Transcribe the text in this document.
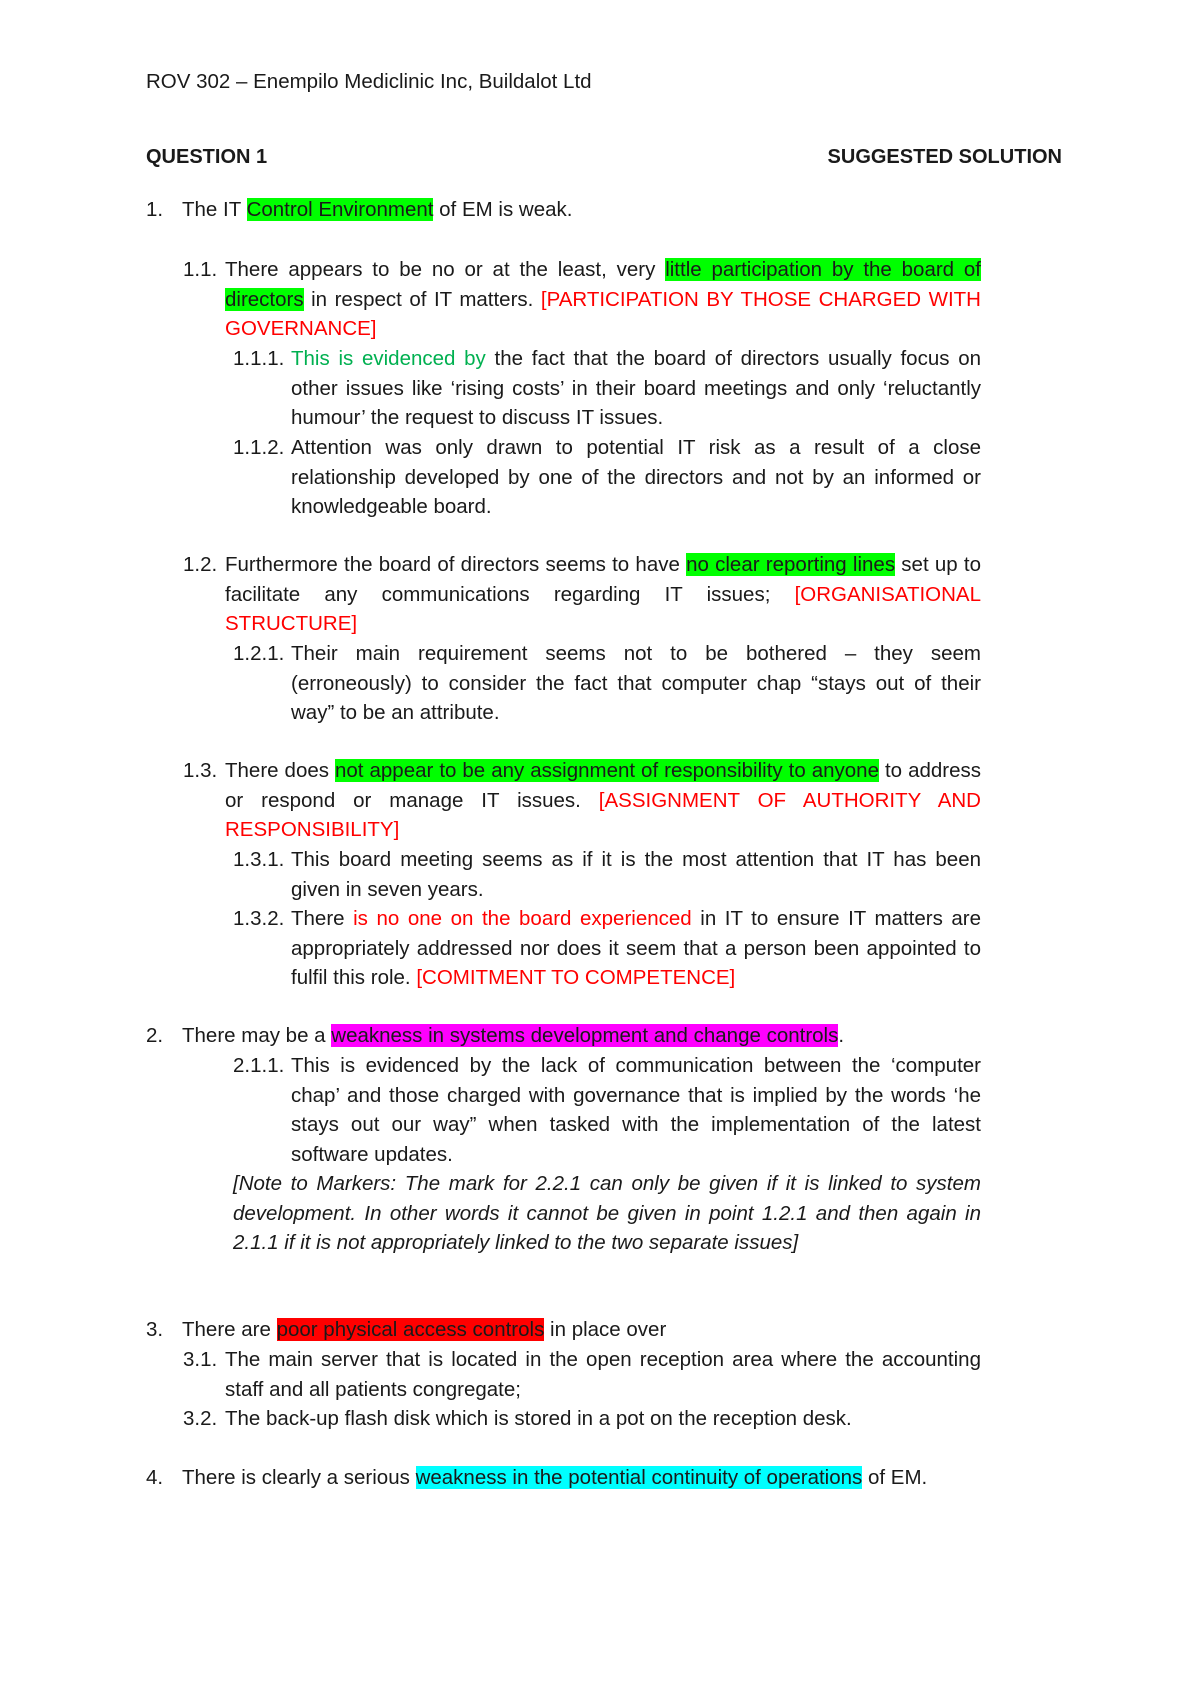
ROV 302 – Enempilo Mediclinic Inc, Buildalot Ltd
QUESTION 1	SUGGESTED SOLUTION
1. The IT Control Environment of EM is weak.
1.1. There appears to be no or at the least, very little participation by the board of directors in respect of IT matters. [PARTICIPATION BY THOSE CHARGED WITH GOVERNANCE]
1.1.1. This is evidenced by the fact that the board of directors usually focus on other issues like ‘rising costs’ in their board meetings and only ‘reluctantly humour’ the request to discuss IT issues.
1.1.2. Attention was only drawn to potential IT risk as a result of a close relationship developed by one of the directors and not by an informed or knowledgeable board.
1.2. Furthermore the board of directors seems to have no clear reporting lines set up to facilitate any communications regarding IT issues; [ORGANISATIONAL STRUCTURE]
1.2.1. Their main requirement seems not to be bothered – they seem (erroneously) to consider the fact that computer chap “stays out of their way” to be an attribute.
1.3. There does not appear to be any assignment of responsibility to anyone to address or respond or manage IT issues. [ASSIGNMENT OF AUTHORITY AND RESPONSIBILITY]
1.3.1. This board meeting seems as if it is the most attention that IT has been given in seven years.
1.3.2. There is no one on the board experienced in IT to ensure IT matters are appropriately addressed nor does it seem that a person been appointed to fulfil this role. [COMITMENT TO COMPETENCE]
2. There may be a weakness in systems development and change controls.
2.1.1. This is evidenced by the lack of communication between the ‘computer chap’ and those charged with governance that is implied by the words ‘he stays out our way” when tasked with the implementation of the latest software updates.
[Note to Markers: The mark for 2.2.1 can only be given if it is linked to system development. In other words it cannot be given in point 1.2.1 and then again in 2.1.1 if it is not appropriately linked to the two separate issues]
3. There are poor physical access controls in place over
3.1. The main server that is located in the open reception area where the accounting staff and all patients congregate;
3.2. The back-up flash disk which is stored in a pot on the reception desk.
4. There is clearly a serious weakness in the potential continuity of operations of EM.
